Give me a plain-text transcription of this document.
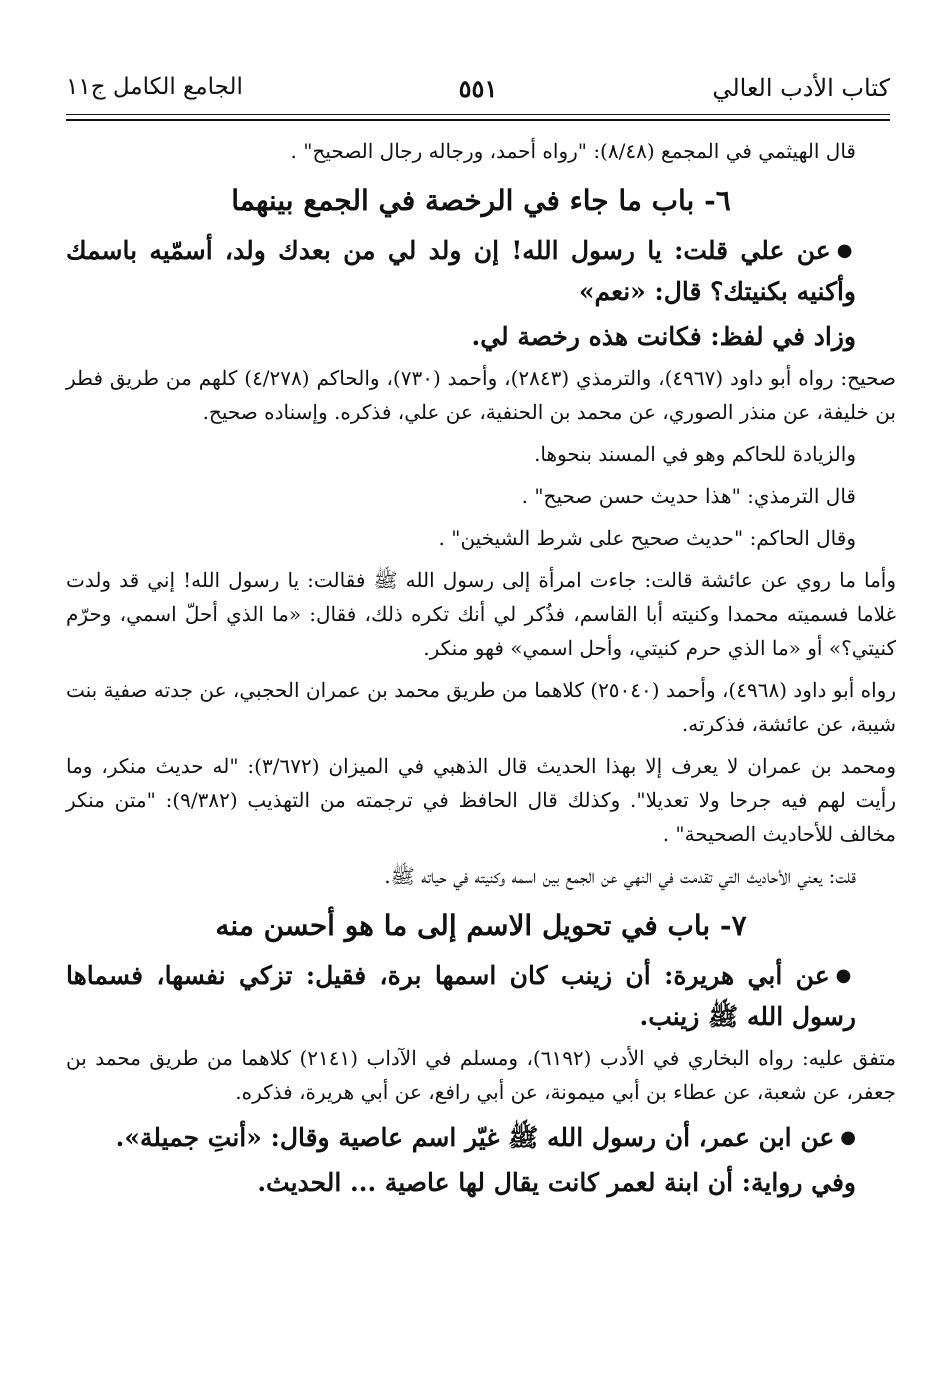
كتاب الأدب العالي
٥٥١
الجامع الكامل ج١١

قال الهيثمي في المجمع (٨/٤٨): "رواه أحمد، ورجاله رجال الصحيح" .

٦- باب ما جاء في الرخصة في الجمع بينهما

●عن علي قلت: يا رسول الله! إن ولد لي من بعدك ولد، أسمّيه باسمك وأكنيه بكنيتك؟ قال: «نعم»

وزاد في لفظ: فكانت هذه رخصة لي.

صحيح: رواه أبو داود (٤٩٦٧)، والترمذي (٢٨٤٣)، وأحمد (٧٣٠)، والحاكم (٤/٢٧٨) كلهم من طريق فطر بن خليفة، عن منذر الصوري، عن محمد بن الحنفية، عن علي، فذكره. وإسناده صحيح.

والزيادة للحاكم وهو في المسند بنحوها.

قال الترمذي: "هذا حديث حسن صحيح" .

وقال الحاكم: "حديث صحيح على شرط الشيخين" .

وأما ما روي عن عائشة قالت: جاءت امرأة إلى رسول الله ﷺ فقالت: يا رسول الله! إني قد ولدت غلاما فسميته محمدا وكنيته أبا القاسم، فذُكر لي أنك تكره ذلك، فقال: «ما الذي أحلّ اسمي، وحرّم كنيتي؟» أو «ما الذي حرم كنيتي، وأحل اسمي» فهو منكر.

رواه أبو داود (٤٩٦٨)، وأحمد (٢٥٠٤٠) كلاهما من طريق محمد بن عمران الحجبي، عن جدته صفية بنت شيبة، عن عائشة، فذكرته.

ومحمد بن عمران لا يعرف إلا بهذا الحديث قال الذهبي في الميزان (٣/٦٧٢): "له حديث منكر، وما رأيت لهم فيه جرحا ولا تعديلا". وكذلك قال الحافظ في ترجمته من التهذيب (٩/٣٨٢): "متن منكر مخالف للأحاديث الصحيحة" .

قلت: يعني الأحاديث التي تقدمت في النهي عن الجمع بين اسمه وكنيته في حياته ﷺ.

٧- باب في تحويل الاسم إلى ما هو أحسن منه

●عن أبي هريرة: أن زينب كان اسمها برة، فقيل: تزكي نفسها، فسماها رسول الله ﷺ زينب.

متفق عليه: رواه البخاري في الأدب (٦١٩٢)، ومسلم في الآداب (٢١٤١) كلاهما من طريق محمد بن جعفر، عن شعبة، عن عطاء بن أبي ميمونة، عن أبي رافع، عن أبي هريرة، فذكره.

●عن ابن عمر، أن رسول الله ﷺ غيّر اسم عاصية وقال: «أنتِ جميلة».

وفي رواية: أن ابنة لعمر كانت يقال لها عاصية ... الحديث.
